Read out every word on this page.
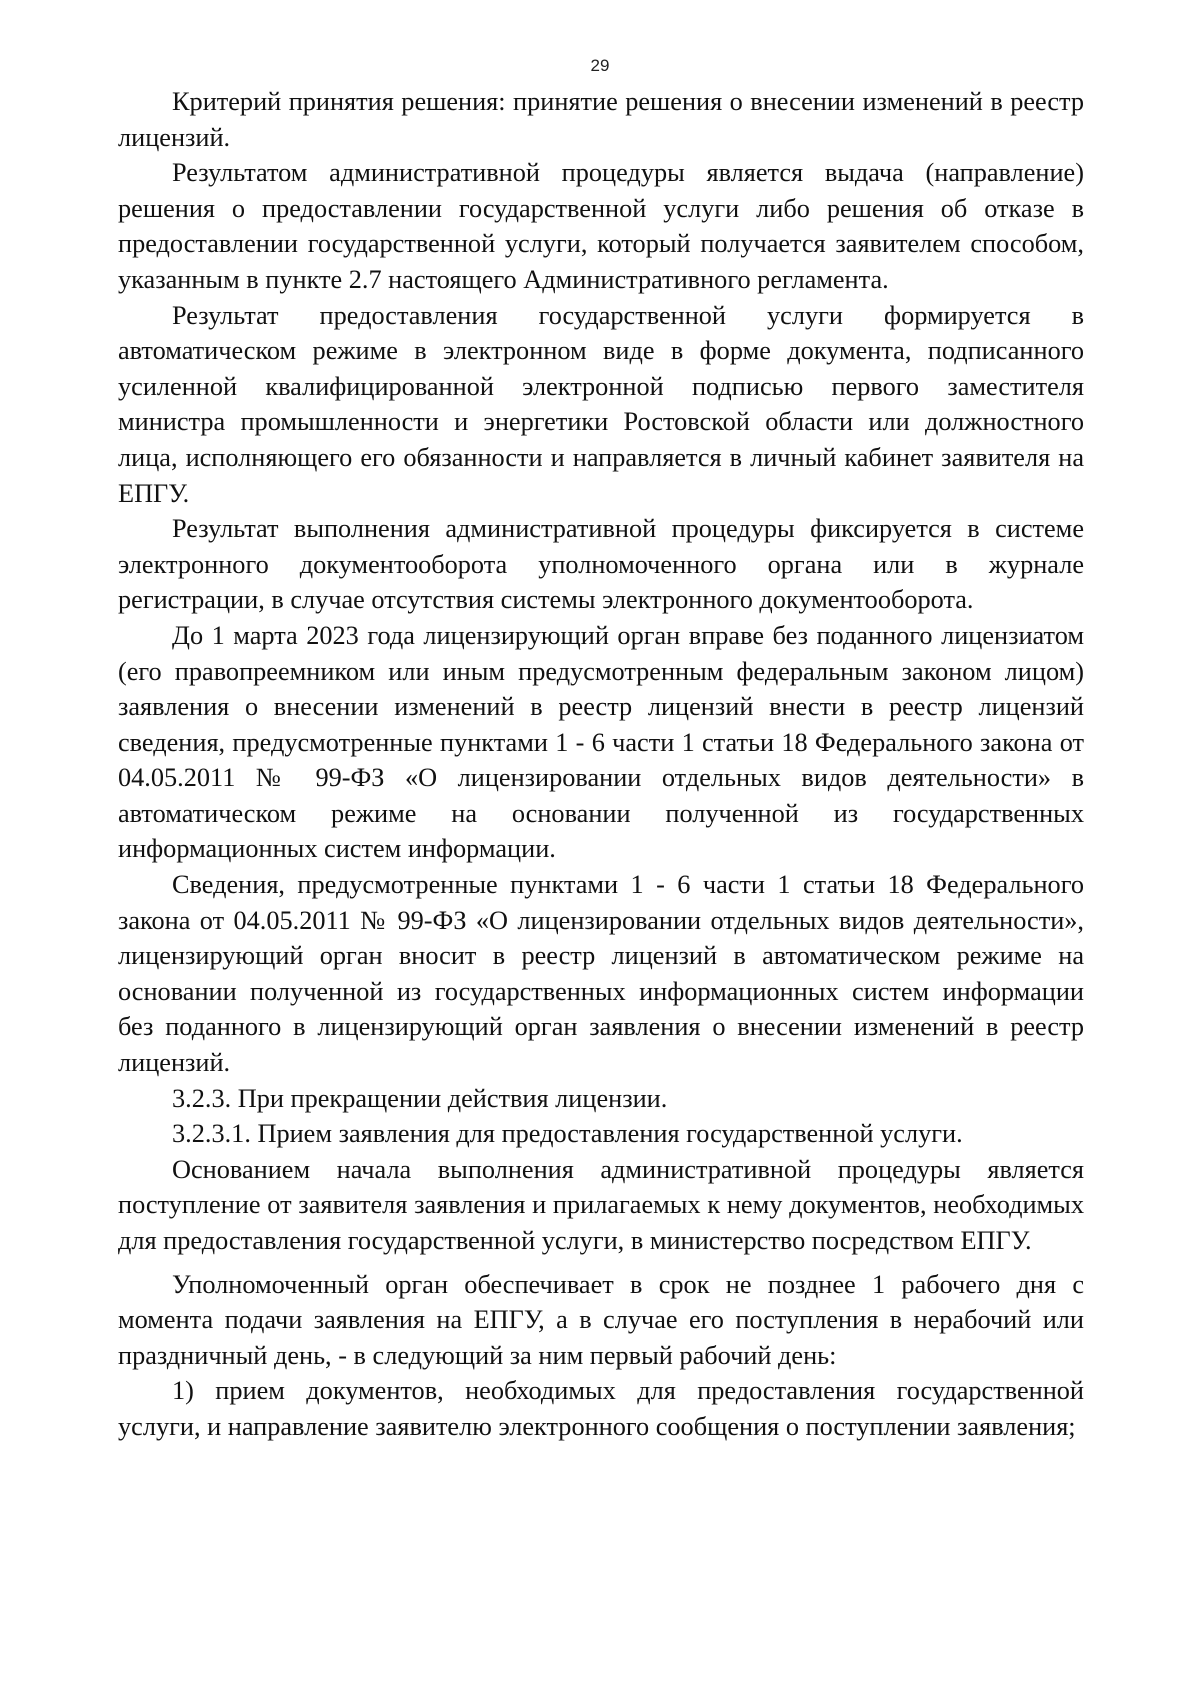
29

Критерий принятия решения: принятие решения о внесении изменений в реестр лицензий.

Результатом административной процедуры является выдача (направление) решения о предоставлении государственной услуги либо решения об отказе в предоставлении государственной услуги, который получается заявителем способом, указанным в пункте 2.7 настоящего Административного регламента.

Результат предоставления государственной услуги формируется в автоматическом режиме в электронном виде в форме документа, подписанного усиленной квалифицированной электронной подписью первого заместителя министра промышленности и энергетики Ростовской области или должностного лица, исполняющего его обязанности и направляется в личный кабинет заявителя на ЕПГУ.

Результат выполнения административной процедуры фиксируется в системе электронного документооборота уполномоченного органа или в журнале регистрации, в случае отсутствия системы электронного документооборота.

До 1 марта 2023 года лицензирующий орган вправе без поданного лицензиатом (его правопреемником или иным предусмотренным федеральным законом лицом) заявления о внесении изменений в реестр лицензий внести в реестр лицензий сведения, предусмотренные пунктами 1 - 6 части 1 статьи 18 Федерального закона от 04.05.2011 № 99-ФЗ «О лицензировании отдельных видов деятельности» в автоматическом режиме на основании полученной из государственных информационных систем информации.

Сведения, предусмотренные пунктами 1 - 6 части 1 статьи 18 Федерального закона от 04.05.2011 № 99-ФЗ «О лицензировании отдельных видов деятельности», лицензирующий орган вносит в реестр лицензий в автоматическом режиме на основании полученной из государственных информационных систем информации без поданного в лицензирующий орган заявления о внесении изменений в реестр лицензий.

3.2.3. При прекращении действия лицензии.

3.2.3.1. Прием заявления для предоставления государственной услуги.

Основанием начала выполнения административной процедуры является поступление от заявителя заявления и прилагаемых к нему документов, необходимых для предоставления государственной услуги, в министерство посредством ЕПГУ.

Уполномоченный орган обеспечивает в срок не позднее 1 рабочего дня с момента подачи заявления на ЕПГУ, а в случае его поступления в нерабочий или праздничный день, - в следующий за ним первый рабочий день:

1) прием документов, необходимых для предоставления государственной услуги, и направление заявителю электронного сообщения о поступлении заявления;
